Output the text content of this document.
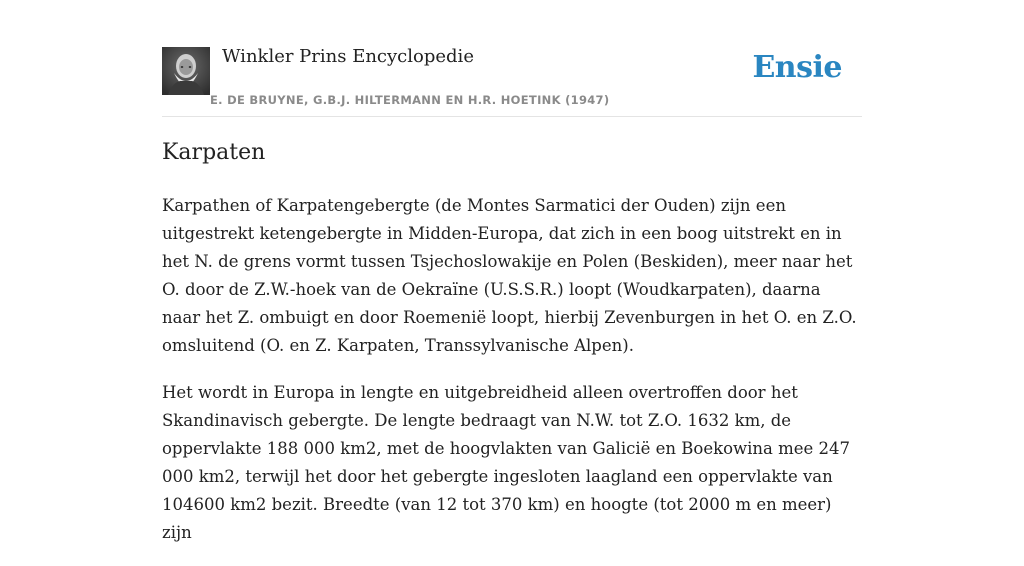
Winkler Prins Encyclopedie
E. DE BRUYNE, G.B.J. HILTERMANN EN H.R. HOETINK (1947)
Ensie
Karpaten

Karpathen of Karpatengebergte (de Montes Sarmatici der Ouden) zijn een uitgestrekt ketengebergte in Midden-Europa, dat zich in een boog uitstrekt en in het N. de grens vormt tussen Tsjechoslowakije en Polen (Beskiden), meer naar het O. door de Z.W.-hoek van de Oekraïne (U.S.S.R.) loopt (Woudkarpaten), daarna naar het Z. ombuigt en door Roemenië loopt, hierbij Zevenburgen in het O. en Z.O. omsluitend (O. en Z. Karpaten, Transsylvanische Alpen).

Het wordt in Europa in lengte en uitgebreidheid alleen overtroffen door het Skandinavisch gebergte. De lengte bedraagt van N.W. tot Z.O. 1632 km, de oppervlakte 188 000 km2, met de hoogvlakten van Galicië en Boekowina mee 247 000 km2, terwijl het door het gebergte ingesloten laagland een oppervlakte van 104600 km2 bezit. Breedte (van 12 tot 370 km) en hoogte (tot 2000 m en meer) zijn
